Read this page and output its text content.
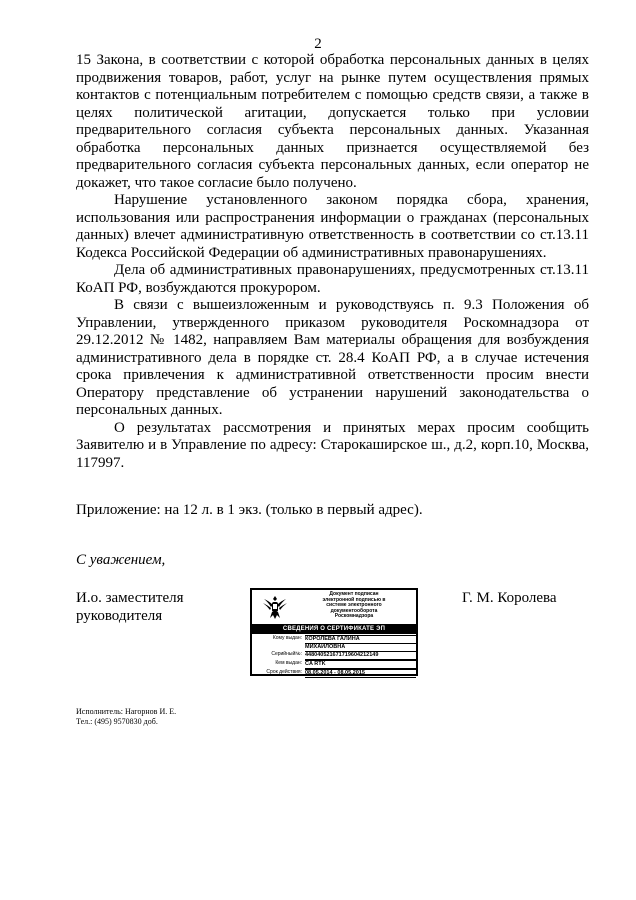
2

15 Закона, в соответствии с которой обработка персональных данных в целях продвижения товаров, работ, услуг на рынке путем осуществления прямых контактов с потенциальным потребителем с помощью средств связи, а также в целях политической агитации, допускается только при условии предварительного согласия субъекта персональных данных. Указанная обработка персональных данных признается осуществляемой без предварительного согласия субъекта персональных данных, если оператор не докажет, что такое согласие было получено.

Нарушение установленного законом порядка сбора, хранения, использования или распространения информации о гражданах (персональных данных) влечет административную ответственность в соответствии со ст.13.11 Кодекса Российской Федерации об административных правонарушениях.

Дела об административных правонарушениях, предусмотренных ст.13.11 КоАП РФ, возбуждаются прокурором.

В связи с вышеизложенным и руководствуясь п. 9.3 Положения об Управлении, утвержденного приказом руководителя Роскомнадзора от 29.12.2012 № 1482, направляем Вам материалы обращения для возбуждения административного дела в порядке ст. 28.4 КоАП РФ, а в случае истечения срока привлечения к административной ответственности просим внести Оператору представление об устранении нарушений законодательства о персональных данных.

О результатах рассмотрения и принятых мерах просим сообщить Заявителю и в Управление по адресу: Старокаширское ш., д.2, корп.10, Москва, 117997.

Приложение: на 12 л. в 1 экз. (только в первый адрес).
С уважением,
И.о. заместителя
руководителя
Г. М. Королева
Документ подписан
электронной подписью в
системе электронного
документооборота
Роскомнадзора
СВЕДЕНИЯ О СЕРТИФИКАТЕ ЭП
Кому выдан: КОРОЛЕВА ГАЛИНА
МИХАЙЛОВНА
Серийный№: 4480405216717196042121​49
Кем выдан: CA RTK
Срок действия: 08.05.2014 - 08.05.2015
Исполнитель: Нагорнов И. Е.
Тел.: (495) 9570830 доб.
